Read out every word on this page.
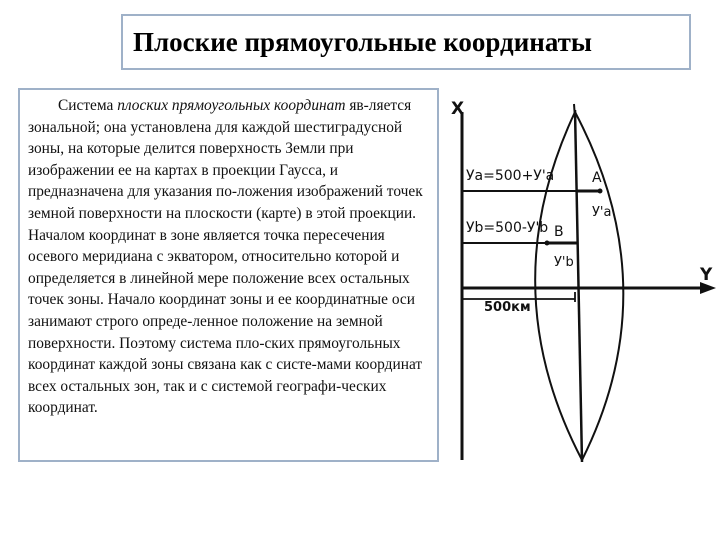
Плоские прямоугольные координаты

Система плоских прямоугольных координат яв-ляется зональной; она установлена для каждой шестиградусной зоны, на которые делится поверхность Земли при изображении ее на картах в проекции Гаусса, и предназначена для указания по-ложения изображений точек земной поверхности на плоскости (карте) в этой проекции.

Началом координат в зоне является точка пересечения осевого меридиана с экватором, относительно которой и определяется в линейной мере положение всех остальных точек зоны. Начало координат зоны и ее координатные оси занимают строго опреде-ленное положение на земной поверхности. Поэтому система пло-ских прямоугольных координат каждой зоны связана как с систе-мами координат всех остальных зон, так и с системой географи-ческих координат.

X
Y
Уa=500+У'a	A
У'a
Уb=500-У'b B
У'b
500км
